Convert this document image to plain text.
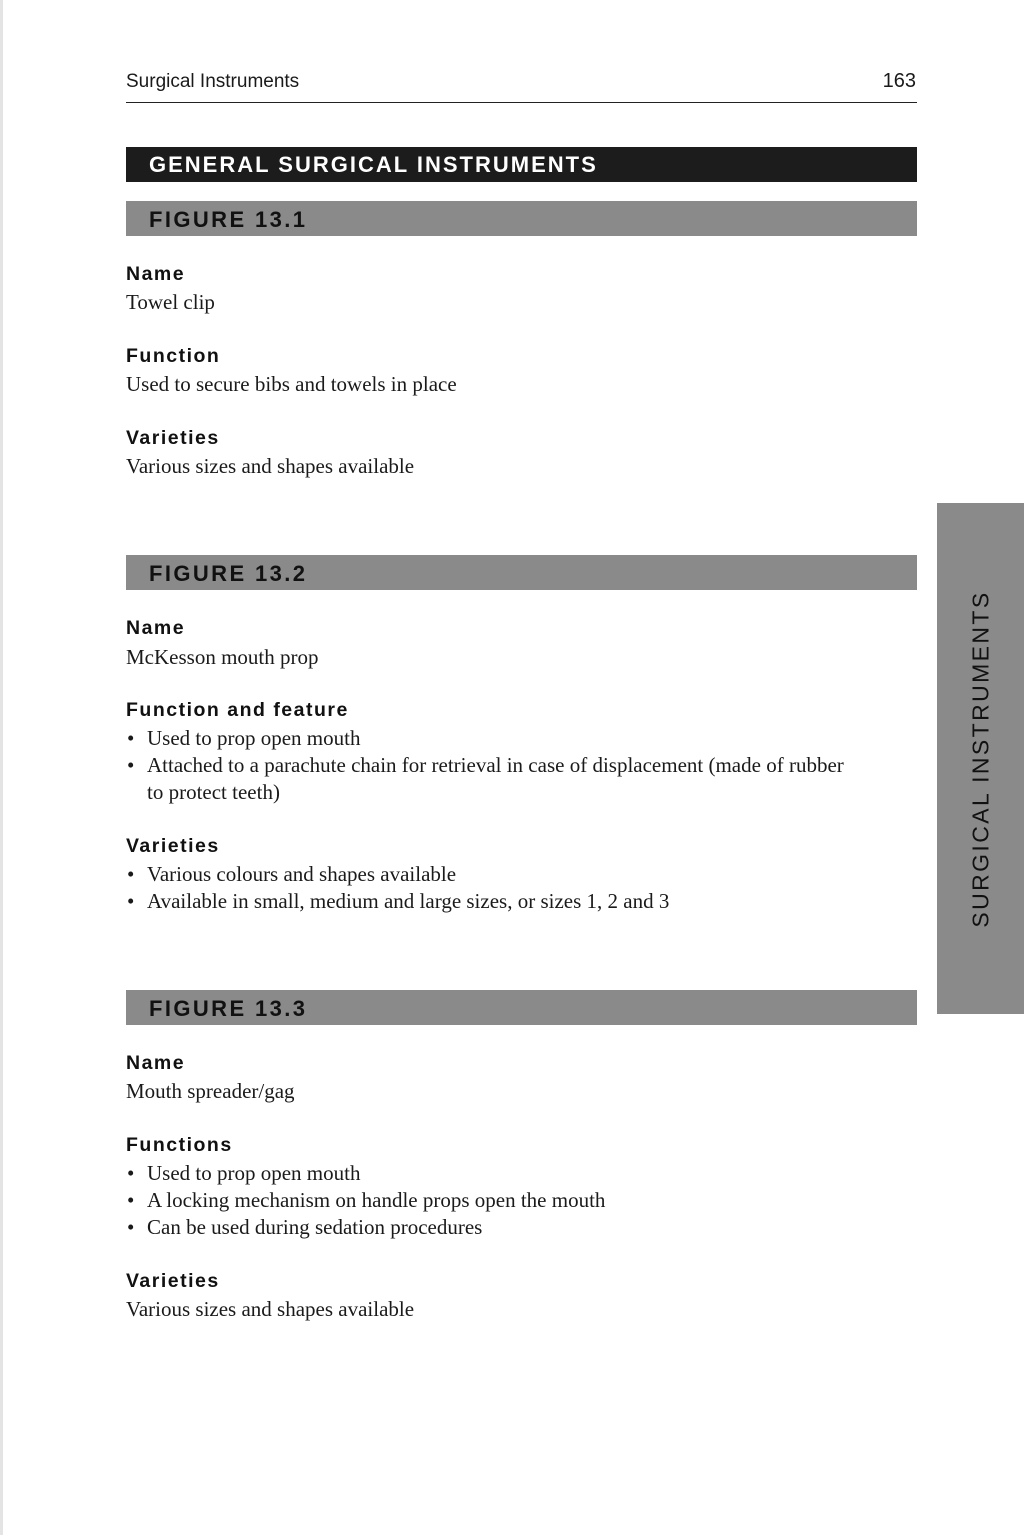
Surgical Instruments	163
GENERAL SURGICAL INSTRUMENTS
FIGURE 13.1
Name
Towel clip
Function
Used to secure bibs and towels in place
Varieties
Various sizes and shapes available
FIGURE 13.2
Name
McKesson mouth prop
Function and feature
• Used to prop open mouth
• Attached to a parachute chain for retrieval in case of displacement (made of rubber
to protect teeth)
Varieties
• Various colours and shapes available
• Available in small, medium and large sizes, or sizes 1, 2 and 3
FIGURE 13.3
Name
Mouth spreader/gag
Functions
• Used to prop open mouth
• A locking mechanism on handle props open the mouth
• Can be used during sedation procedures
Varieties
Various sizes and shapes available
SURGICAL INSTRUMENTS
